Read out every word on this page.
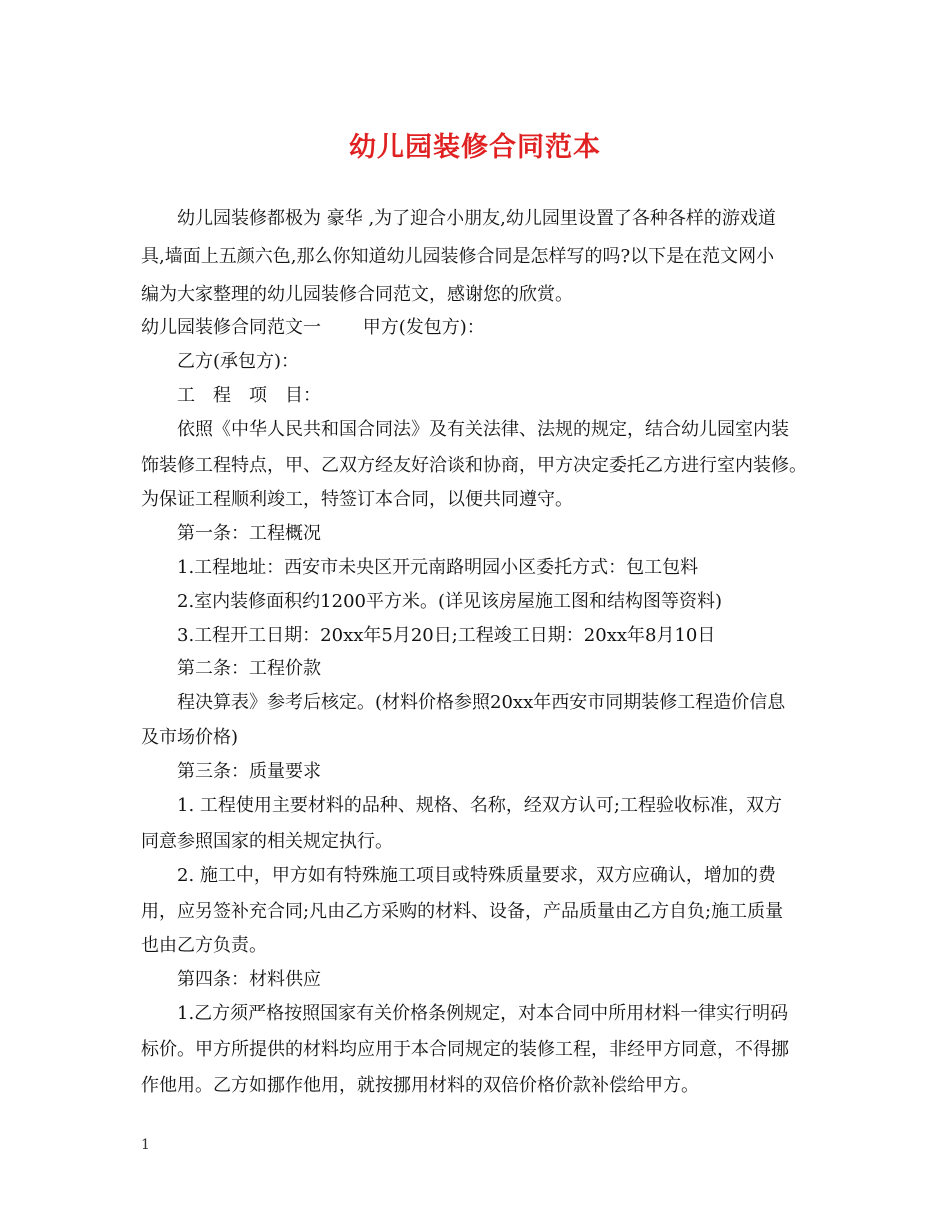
幼儿园装修合同范本
幼儿园装修都极为 豪华 ,为了迎合小朋友,幼儿园里设置了各种各样的游戏道
具,墙面上五颜六色,那么你知道幼儿园装修合同是怎样写的吗?以下是在范文网小
编为大家整理的幼儿园装修合同范文，感谢您的欣赏。
幼儿园装修合同范文一　　 甲方(发包方)：
乙方(承包方)：
工　程　项　目：
依照《中华人民共和国合同法》及有关法律、法规的规定，结合幼儿园室内装
饰装修工程特点，甲、乙双方经友好洽谈和协商，甲方决定委托乙方进行室内装修。
为保证工程顺利竣工，特签订本合同，以便共同遵守。
第一条：工程概况
1.工程地址：西安市未央区开元南路明园小区委托方式：包工包料
2.室内装修面积约1200平方米。(详见该房屋施工图和结构图等资料)
3.工程开工日期：20xx年5月20日;工程竣工日期：20xx年8月10日
第二条：工程价款
程决算表》参考后核定。(材料价格参照20xx年西安市同期装修工程造价信息
及市场价格)
第三条：质量要求
1. 工程使用主要材料的品种、规格、名称，经双方认可;工程验收标准，双方
同意参照国家的相关规定执行。
2. 施工中，甲方如有特殊施工项目或特殊质量要求，双方应确认，增加的费
用，应另签补充合同;凡由乙方采购的材料、设备，产品质量由乙方自负;施工质量
也由乙方负责。
第四条：材料供应
1.乙方须严格按照国家有关价格条例规定，对本合同中所用材料一律实行明码
标价。甲方所提供的材料均应用于本合同规定的装修工程，非经甲方同意，不得挪
作他用。乙方如挪作他用，就按挪用材料的双倍价格价款补偿给甲方。
1
